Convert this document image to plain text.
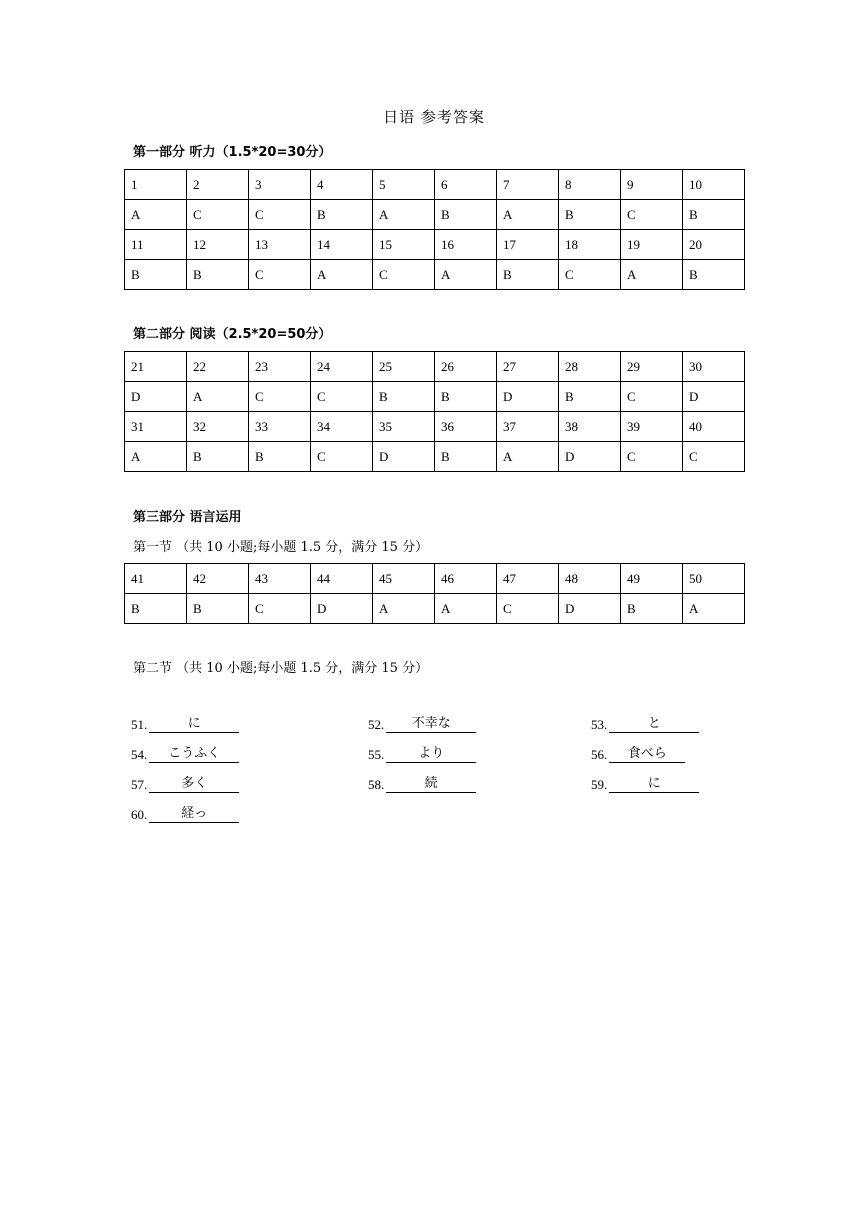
日语 参考答案
第一部分 听力（1.5*20=30分）
1	2	3	4	5	6	7	8	9	10
A	C	C	B	A	B	A	B	C	B
11	12	13	14	15	16	17	18	19	20
B	B	C	A	C	A	B	C	A	B
第二部分 阅读（2.5*20=50分）
21	22	23	24	25	26	27	28	29	30
D	A	C	C	B	B	D	B	C	D
31	32	33	34	35	36	37	38	39	40
A	B	B	C	D	B	A	D	C	C
第三部分 语言运用
第一节 （共 10 小题;每小题 1.5 分，满分 15 分）
41	42	43	44	45	46	47	48	49	50
B	B	C	D	A	A	C	D	B	A
第二节 （共 10 小题;每小题 1.5 分，满分 15 分）
51.	に	52.	不幸な	53.	と
54.	こうふく	55.	より	56.	食べら
57.	多く	58.	続	59.	に
60.	経っ
